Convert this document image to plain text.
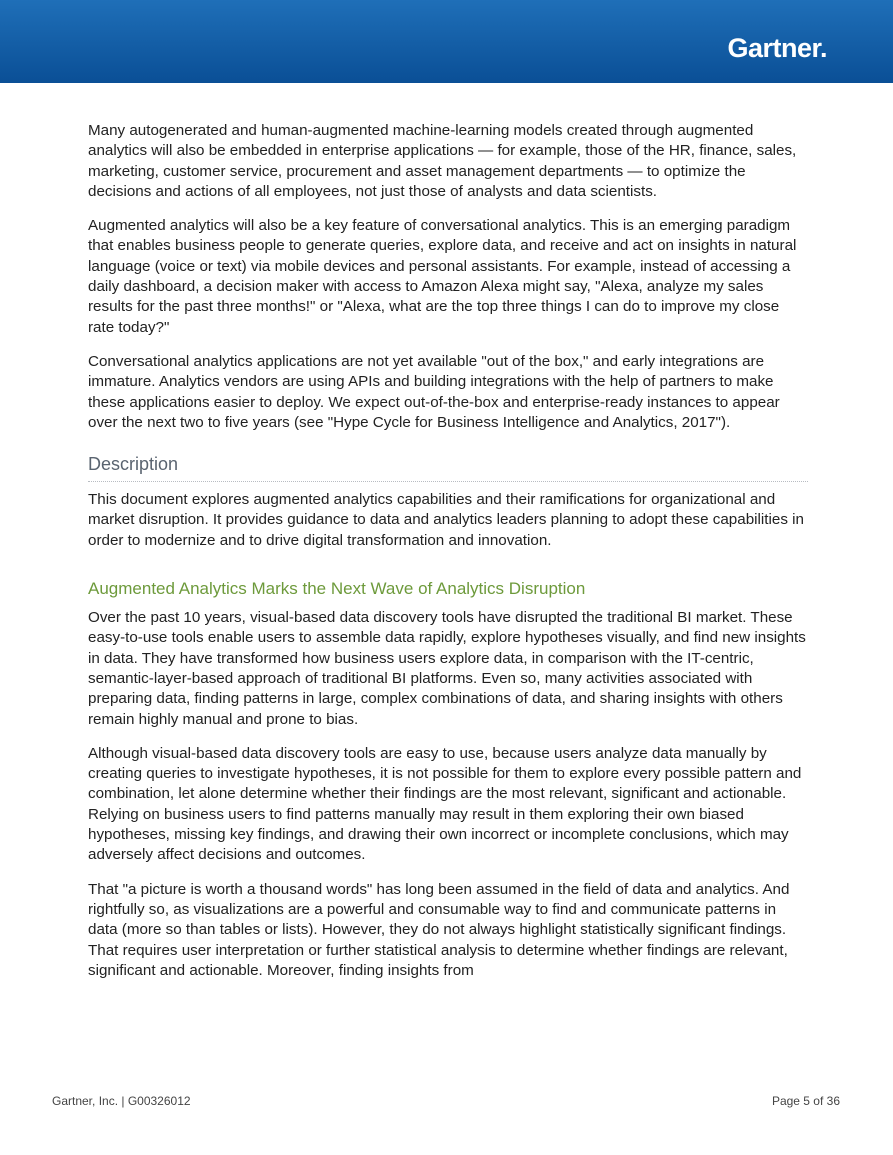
Gartner.

Many autogenerated and human-augmented machine-learning models created through augmented analytics will also be embedded in enterprise applications — for example, those of the HR, finance, sales, marketing, customer service, procurement and asset management departments — to optimize the decisions and actions of all employees, not just those of analysts and data scientists.

Augmented analytics will also be a key feature of conversational analytics. This is an emerging paradigm that enables business people to generate queries, explore data, and receive and act on insights in natural language (voice or text) via mobile devices and personal assistants. For example, instead of accessing a daily dashboard, a decision maker with access to Amazon Alexa might say, "Alexa, analyze my sales results for the past three months!" or "Alexa, what are the top three things I can do to improve my close rate today?"

Conversational analytics applications are not yet available "out of the box," and early integrations are immature. Analytics vendors are using APIs and building integrations with the help of partners to make these applications easier to deploy. We expect out-of-the-box and enterprise-ready instances to appear over the next two to five years (see "Hype Cycle for Business Intelligence and Analytics, 2017").

Description

This document explores augmented analytics capabilities and their ramifications for organizational and market disruption. It provides guidance to data and analytics leaders planning to adopt these capabilities in order to modernize and to drive digital transformation and innovation.

Augmented Analytics Marks the Next Wave of Analytics Disruption

Over the past 10 years, visual-based data discovery tools have disrupted the traditional BI market. These easy-to-use tools enable users to assemble data rapidly, explore hypotheses visually, and find new insights in data. They have transformed how business users explore data, in comparison with the IT-centric, semantic-layer-based approach of traditional BI platforms. Even so, many activities associated with preparing data, finding patterns in large, complex combinations of data, and sharing insights with others remain highly manual and prone to bias.

Although visual-based data discovery tools are easy to use, because users analyze data manually by creating queries to investigate hypotheses, it is not possible for them to explore every possible pattern and combination, let alone determine whether their findings are the most relevant, significant and actionable. Relying on business users to find patterns manually may result in them exploring their own biased hypotheses, missing key findings, and drawing their own incorrect or incomplete conclusions, which may adversely affect decisions and outcomes.

That "a picture is worth a thousand words" has long been assumed in the field of data and analytics. And rightfully so, as visualizations are a powerful and consumable way to find and communicate patterns in data (more so than tables or lists). However, they do not always highlight statistically significant findings. That requires user interpretation or further statistical analysis to determine whether findings are relevant, significant and actionable. Moreover, finding insights from

Gartner, Inc. | G00326012	Page 5 of 36
